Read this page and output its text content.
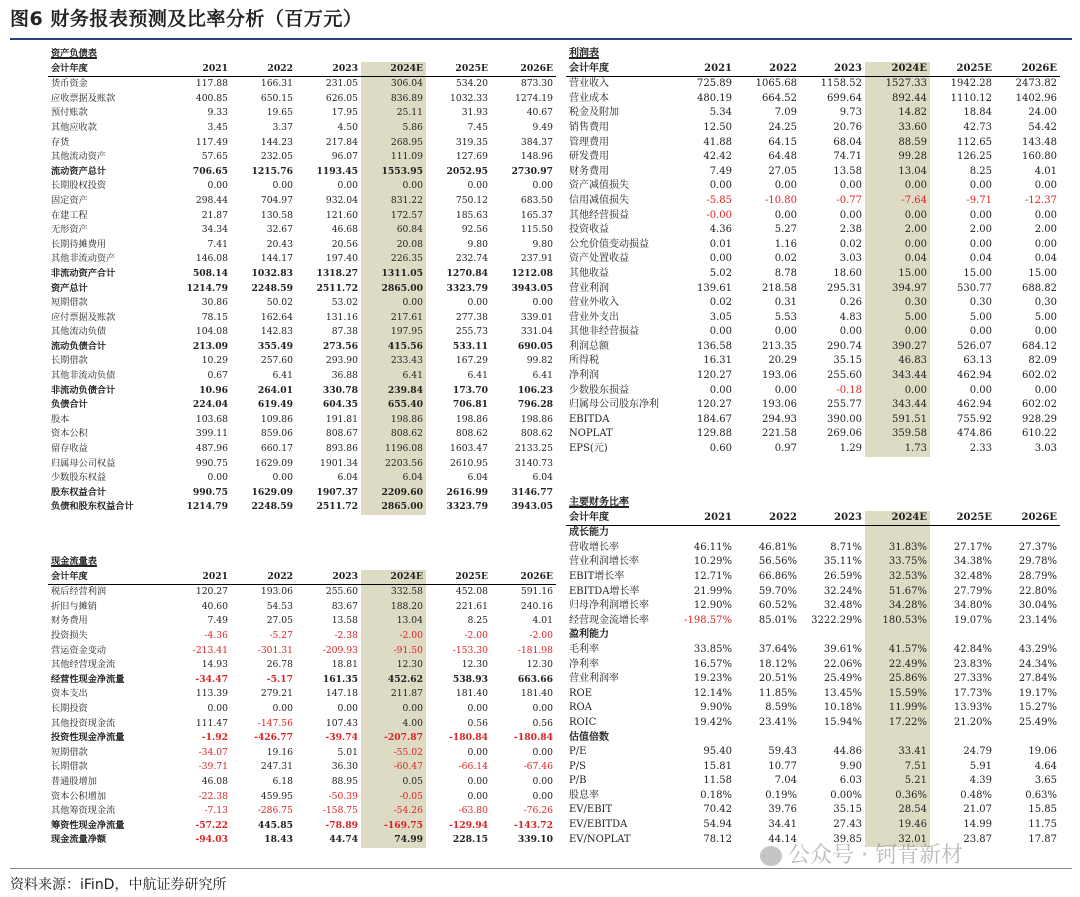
图6 财务报表预测及比率分析（百万元）
资产负债表						
会计年度	2021	2022	2023	2024E	2025E	2026E
货币资金	117.88	166.31	231.05	306.04	534.20	873.30
应收票据及账款	400.85	650.15	626.05	836.89	1032.33	1274.19
预付账款	9.33	19.65	17.95	25.11	31.93	40.67
其他应收款	3.45	3.37	4.50	5.86	7.45	9.49
存货	117.49	144.23	217.84	268.95	319.35	384.37
其他流动资产	57.65	232.05	96.07	111.09	127.69	148.96
流动资产总计	706.65	1215.76	1193.45	1553.95	2052.95	2730.97
长期股权投资	0.00	0.00	0.00	0.00	0.00	0.00
固定资产	298.44	704.97	932.04	831.22	750.12	683.50
在建工程	21.87	130.58	121.60	172.57	185.63	165.37
无形资产	34.34	32.67	46.68	60.84	92.56	115.50
长期待摊费用	7.41	20.43	20.56	20.08	9.80	9.80
其他非流动资产	146.08	144.17	197.40	226.35	232.74	237.91
非流动资产合计	508.14	1032.83	1318.27	1311.05	1270.84	1212.08
资产总计	1214.79	2248.59	2511.72	2865.00	3323.79	3943.05
短期借款	30.86	50.02	53.02	0.00	0.00	0.00
应付票据及账款	78.15	162.64	131.16	217.61	277.38	339.01
其他流动负债	104.08	142.83	87.38	197.95	255.73	331.04
流动负债合计	213.09	355.49	273.56	415.56	533.11	690.05
长期借款	10.29	257.60	293.90	233.43	167.29	99.82
其他非流动负债	0.67	6.41	36.88	6.41	6.41	6.41
非流动负债合计	10.96	264.01	330.78	239.84	173.70	106.23
负债合计	224.04	619.49	604.35	655.40	706.81	796.28
股本	103.68	109.86	191.81	198.86	198.86	198.86
资本公积	399.11	859.06	808.67	808.62	808.62	808.62
留存收益	487.96	660.17	893.86	1196.08	1603.47	2133.25
归属母公司权益	990.75	1629.09	1901.34	2203.56	2610.95	3140.73
少数股东权益	0.00	0.00	6.04	6.04	6.04	6.04
股东权益合计	990.75	1629.09	1907.37	2209.60	2616.99	3146.77
负债和股东权益合计	1214.79	2248.59	2511.72	2865.00	3323.79	3943.05
现金流量表						
会计年度	2021	2022	2023	2024E	2025E	2026E
税后经营利润	120.27	193.06	255.60	332.58	452.08	591.16
折旧与摊销	40.60	54.53	83.67	188.20	221.61	240.16
财务费用	7.49	27.05	13.58	13.04	8.25	4.01
投资损失	-4.36	-5.27	-2.38	-2.00	-2.00	-2.00
营运资金变动	-213.41	-301.31	-209.93	-91.50	-153.30	-181.98
其他经营现金流	14.93	26.78	18.81	12.30	12.30	12.30
经营性现金净流量	-34.47	-5.17	161.35	452.62	538.93	663.66
资本支出	113.39	279.21	147.18	211.87	181.40	181.40
长期投资	0.00	0.00	0.00	0.00	0.00	0.00
其他投资现金流	111.47	-147.56	107.43	4.00	0.56	0.56
投资性现金净流量	-1.92	-426.77	-39.74	-207.87	-180.84	-180.84
短期借款	-34.07	19.16	5.01	-55.02	0.00	0.00
长期借款	-39.71	247.31	36.30	-60.47	-66.14	-67.46
普通股增加	46.08	6.18	88.95	0.05	0.00	0.00
资本公积增加	-22.38	459.95	-50.39	-0.05	0.00	0.00
其他筹资现金流	-7.13	-286.75	-158.75	-54.26	-63.80	-76.26
筹资性现金净流量	-57.22	445.85	-78.89	-169.75	-129.94	-143.72
现金流量净额	-94.03	18.43	44.74	74.99	228.15	339.10
利润表						
会计年度	2021	2022	2023	2024E	2025E	2026E
营业收入	725.89	1065.68	1158.52	1527.33	1942.28	2473.82
营业成本	480.19	664.52	699.64	892.44	1110.12	1402.96
税金及附加	5.34	7.09	9.73	14.82	18.84	24.00
销售费用	12.50	24.25	20.76	33.60	42.73	54.42
管理费用	41.88	64.15	68.04	88.59	112.65	143.48
研发费用	42.42	64.48	74.71	99.28	126.25	160.80
财务费用	7.49	27.05	13.58	13.04	8.25	4.01
资产减值损失	0.00	0.00	0.00	0.00	0.00	0.00
信用减值损失	-5.85	-10.80	-0.77	-7.64	-9.71	-12.37
其他经营损益	-0.00	0.00	0.00	0.00	0.00	0.00
投资收益	4.36	5.27	2.38	2.00	2.00	2.00
公允价值变动损益	0.01	1.16	0.02	0.00	0.00	0.00
资产处置收益	0.00	0.02	3.03	0.04	0.04	0.04
其他收益	5.02	8.78	18.60	15.00	15.00	15.00
营业利润	139.61	218.58	295.31	394.97	530.77	688.82
营业外收入	0.02	0.31	0.26	0.30	0.30	0.30
营业外支出	3.05	5.53	4.83	5.00	5.00	5.00
其他非经营损益	0.00	0.00	0.00	0.00	0.00	0.00
利润总额	136.58	213.35	290.74	390.27	526.07	684.12
所得税	16.31	20.29	35.15	46.83	63.13	82.09
净利润	120.27	193.06	255.60	343.44	462.94	602.02
少数股东损益	0.00	0.00	-0.18	0.00	0.00	0.00
归属母公司股东净利	120.27	193.06	255.77	343.44	462.94	602.02
EBITDA	184.67	294.93	390.00	591.51	755.92	928.29
NOPLAT	129.88	221.58	269.06	359.58	474.86	610.22
EPS(元)	0.60	0.97	1.29	1.73	2.33	3.03
主要财务比率						
会计年度	2021	2022	2023	2024E	2025E	2026E
成长能力						
营收增长率	46.11%	46.81%	8.71%	31.83%	27.17%	27.37%
营业利润增长率	10.29%	56.56%	35.11%	33.75%	34.38%	29.78%
EBIT增长率	12.71%	66.86%	26.59%	32.53%	32.48%	28.79%
EBITDA增长率	21.99%	59.70%	32.24%	51.67%	27.79%	22.80%
归母净利润增长率	12.90%	60.52%	32.48%	34.28%	34.80%	30.04%
经营现金流增长率	-198.57%	85.01%	3222.29%	180.53%	19.07%	23.14%
盈利能力						
毛利率	33.85%	37.64%	39.61%	41.57%	42.84%	43.29%
净利率	16.57%	18.12%	22.06%	22.49%	23.83%	24.34%
营业利润率	19.23%	20.51%	25.49%	25.86%	27.33%	27.84%
ROE	12.14%	11.85%	13.45%	15.59%	17.73%	19.17%
ROA	9.90%	8.59%	10.18%	11.99%	13.93%	15.27%
ROIC	19.42%	23.41%	15.94%	17.22%	21.20%	25.49%
估值倍数						
P/E	95.40	59.43	44.86	33.41	24.79	19.06
P/S	15.81	10.77	9.90	7.51	5.91	4.64
P/B	11.58	7.04	6.03	5.21	4.39	3.65
股息率	0.18%	0.19%	0.00%	0.36%	0.48%	0.63%
EV/EBIT	70.42	39.76	35.15	28.54	21.07	15.85
EV/EBITDA	54.94	34.41	27.43	19.46	14.99	11.75
EV/NOPLAT	78.12	44.14	39.85	32.01	23.87	17.87
资料来源：iFinD，中航证券研究所
公众号 · 钶肯新材
